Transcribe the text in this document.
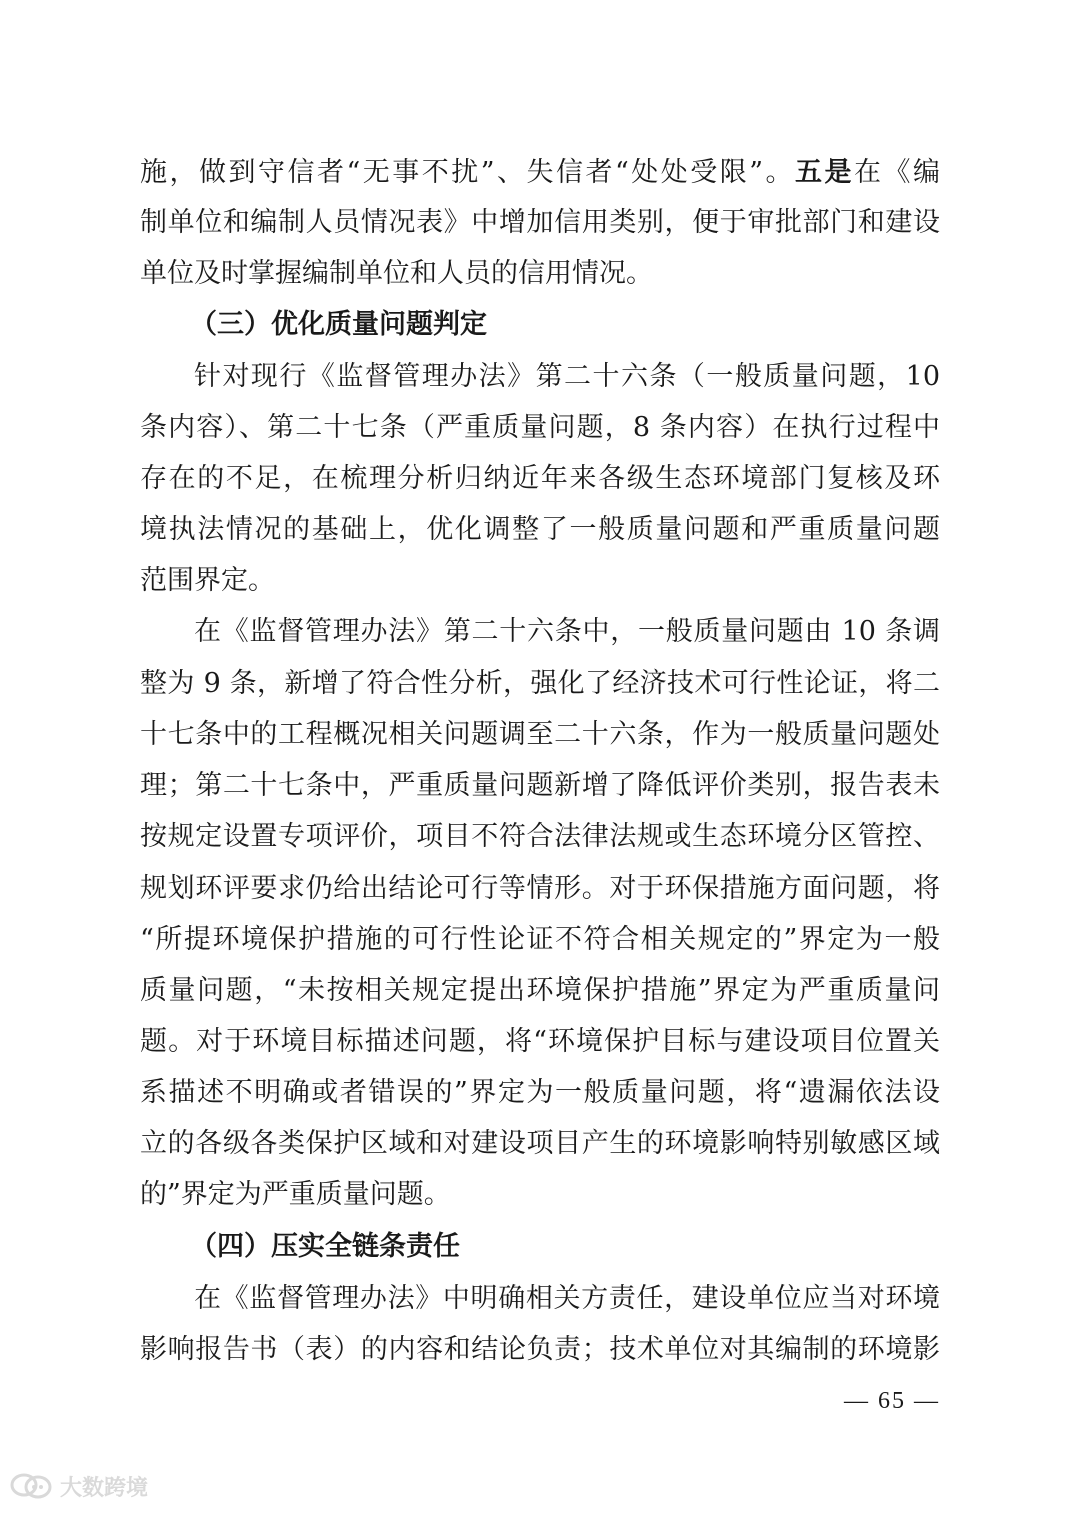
施，做到守信者“无事不扰”、失信者“处处受限”。五是在《编
制单位和编制人员情况表》中增加信用类别，便于审批部门和建设
单位及时掌握编制单位和人员的信用情况。
（三）优化质量问题判定
针对现行《监督管理办法》第二十六条（一般质量问题，10
条内容）、第二十七条（严重质量问题，8 条内容）在执行过程中
存在的不足，在梳理分析归纳近年来各级生态环境部门复核及环
境执法情况的基础上，优化调整了一般质量问题和严重质量问题
范围界定。
在《监督管理办法》第二十六条中，一般质量问题由 10 条调
整为 9 条，新增了符合性分析，强化了经济技术可行性论证，将二
十七条中的工程概况相关问题调至二十六条，作为一般质量问题处
理；第二十七条中，严重质量问题新增了降低评价类别，报告表未
按规定设置专项评价，项目不符合法律法规或生态环境分区管控、
规划环评要求仍给出结论可行等情形。对于环保措施方面问题，将
“所提环境保护措施的可行性论证不符合相关规定的”界定为一般
质量问题，“未按相关规定提出环境保护措施”界定为严重质量问
题。对于环境目标描述问题，将“环境保护目标与建设项目位置关
系描述不明确或者错误的”界定为一般质量问题，将“遗漏依法设
立的各级各类保护区域和对建设项目产生的环境影响特别敏感区域
的”界定为严重质量问题。
（四）压实全链条责任
在《监督管理办法》中明确相关方责任，建设单位应当对环境
影响报告书（表）的内容和结论负责；技术单位对其编制的环境影
— 65 —
大数跨境
